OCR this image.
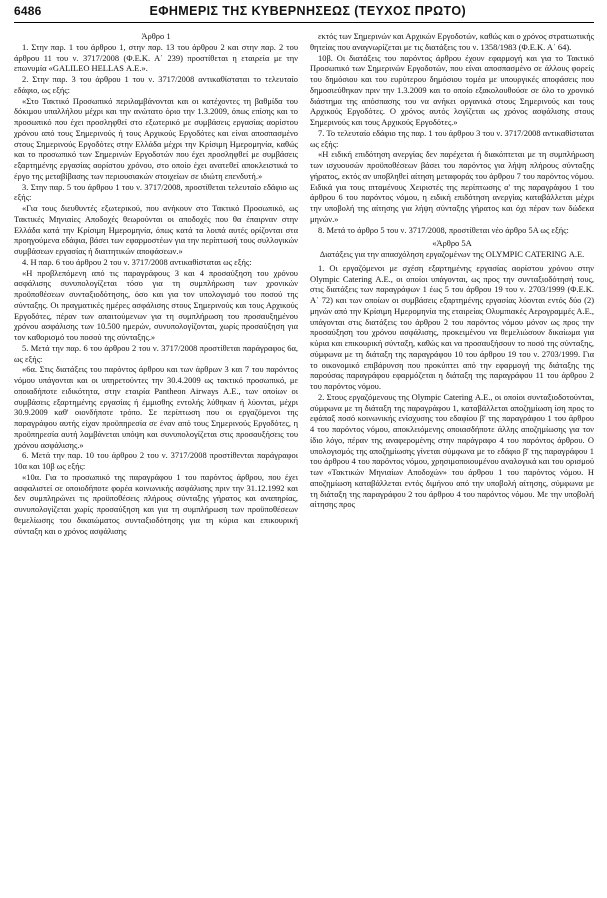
6486	ΕΦΗΜΕΡΙΣ ΤΗΣ ΚΥΒΕΡΝΗΣΕΩΣ (ΤΕΥΧΟΣ ΠΡΩΤΟ)

Άρθρο 1

1. Στην παρ. 1 του άρθρου 1, στην παρ. 13 του άρθρου 2 και στην παρ. 2 του άρθρου 11 του ν. 3717/2008 (Φ.Ε.Κ. Α΄ 239) προστίθεται η εταιρεία με την επωνυμία «GALILEO HELLAS Α.Ε.».

2. Στην παρ. 3 του άρθρου 1 του ν. 3717/2008 αντικαθίσταται το τελευταίο εδάφιο, ως εξής:

«Στο Τακτικό Προσωπικό περιλαμβάνονται και οι κατέχοντες τη βαθμίδα του δόκιμου υπαλλήλου μέχρι και την ανώτατο όριο την 1.3.2009, όπως επίσης και το προσωπικό που έχει προσληφθεί στο εξωτερικό με συμβάσεις εργασίας αορίστου χρόνου από τους Σημερινούς ή τους Αρχικούς Εργοδότες και είναι αποσπασμένο στους Σημερινούς Εργοδότες στην Ελλάδα μέχρι την Κρίσιμη Ημερομηνία, καθώς και το προσωπικό των Σημερινών Εργοδοτών που έχει προσληφθεί με συμβάσεις εξαρτημένης εργασίας αορίστου χρόνου, στο οποίο έχει ανατεθεί αποκλειστικά το έργο της μεταβίβασης των περιουσιακών στοιχείων σε ιδιώτη επενδυτή.»

3. Στην παρ. 5 του άρθρου 1 του ν. 3717/2008, προστίθεται τελευταίο εδάφιο ως εξής:

«Για τους διευθυντές εξωτερικού, που ανήκουν στο Τακτικό Προσωπικό, ως Τακτικές Μηνιαίες Αποδοχές θεωρούνται οι αποδοχές που θα έπαιρναν στην Ελλάδα κατά την Κρίσιμη Ημερομηνία, όπως κατά τα λοιπά αυτές ορίζονται στα προηγούμενα εδάφια, βάσει των εφαρμοστέων για την περίπτωσή τους συλλογικών συμβάσεων εργασίας ή διαιτητικών αποφάσεων.»

4. Η παρ. 6 του άρθρου 2 του ν. 3717/2008 αντικαθίσταται ως εξής:

«Η προβλεπόμενη από τις παραγράφους 3 και 4 προσαύξηση του χρόνου ασφάλισης συνυπολογίζεται τόσο για τη συμπλήρωση των χρονικών προϋποθέσεων συνταξιοδότησης, όσο και για τον υπολογισμό του ποσού της σύνταξης. Οι πραγματικές ημέρες ασφάλισης στους Σημερινούς και τους Αρχικούς Εργοδότες, πέραν των απαιτούμενων για τη συμπλήρωση του προσαυξημένου χρόνου ασφάλισης των 10.500 ημερών, συνυπολογίζονται, χωρίς προσαύξηση για τον καθορισμό του ποσού της σύνταξης.»

5. Μετά την παρ. 6 του άρθρου 2 του ν. 3717/2008 προστίθεται παράγραφος 6α, ως εξής:

«6α. Στις διατάξεις του παρόντος άρθρου και των άρθρων 3 και 7 του παρόντος νόμου υπάγονται και οι υπηρετούντες την 30.4.2009 ως τακτικό προσωπικό, με οποιαδήποτε ειδικότητα, στην εταιρία Pantheon Airways Α.Ε., των οποίων οι συμβάσεις εξαρτημένης εργασίας ή έμμισθης εντολής λύθηκαν ή λύονται, μέχρι 30.9.2009 καθ' οιονδήποτε τρόπο. Σε περίπτωση που οι εργαζόμενοι της παραγράφου αυτής είχαν προϋπηρεσία σε έναν από τους Σημερινούς Εργοδότες, η προϋπηρεσία αυτή λαμβάνεται υπόψη και συνυπολογίζεται στις προσαυξήσεις του χρόνου ασφάλισης.»

6. Μετά την παρ. 10 του άρθρου 2 του ν. 3717/2008 προστίθενται παράγραφοι 10α και 10β ως εξής:

«10α. Για το προσωπικό της παραγράφου 1 του παρόντος άρθρου, που έχει ασφαλιστεί σε οποιοδήποτε φορέα κοινωνικής ασφάλισης πριν την 31.12.1992 και δεν συμπληρώνει τις προϋποθέσεις πλήρους σύνταξης γήρατος και αναπηρίας, συνυπολογίζεται χωρίς προσαύξηση και για τη συμπλήρωση των προϋποθέσεων θεμελίωσης του δικαιώματος συνταξιοδότησης για τη κύρια και επικουρική σύνταξη και ο χρόνος ασφάλισης

εκτός των Σημερινών και Αρχικών Εργοδοτών, καθώς και ο χρόνος στρατιωτικής θητείας που αναγνωρίζεται με τις διατάξεις του ν. 1358/1983 (Φ.Ε.Κ. Α΄ 64).

10β. Οι διατάξεις του παρόντος άρθρου έχουν εφαρμογή και για το Τακτικό Προσωπικό των Σημερινών Εργοδοτών, που είναι αποσπασμένο σε άλλους φορείς του δημόσιου και του ευρύτερου δημόσιου τομέα με υπουργικές αποφάσεις που δημοσιεύθηκαν πριν την 1.3.2009 και το οποίο εξακολουθούσε σε όλο το χρονικό διάστημα της απόσπασης του να ανήκει οργανικά στους Σημερινούς και τους Αρχικούς Εργοδότες. Ο χρόνος αυτός λογίζεται ως χρόνος ασφάλισης στους Σημερινούς και τους Αρχικούς Εργοδότες.»

7. Το τελευταίο εδάφιο της παρ. 1 του άρθρου 3 του ν. 3717/2008 αντικαθίσταται ως εξής:

«Η ειδική επιδότηση ανεργίας δεν παρέχεται ή διακόπτεται με τη συμπλήρωση των ισχυουσών προϋποθέσεων βάσει του παρόντος για λήψη πλήρους σύνταξης γήρατος, εκτός αν υποβληθεί αίτηση μεταφοράς του άρθρου 7 του παρόντος νόμου. Ειδικά για τους ιπταμένους Χειριστές της περίπτωσης α' της παραγράφου 1 του άρθρου 6 του παρόντος νόμου, η ειδική επιδότηση ανεργίας καταβάλλεται μέχρι την υποβολή της αίτησης για λήψη σύνταξης γήρατος και όχι πέραν των δώδεκα μηνών.»

8. Μετά το άρθρο 5 του ν. 3717/2008, προστίθεται νέο άρθρο 5Α ως εξής:

«Άρθρο 5Α

Διατάξεις για την απασχόληση εργαζομένων της OLYMPIC CATERING Α.Ε.

1. Οι εργαζόμενοι με σχέση εξαρτημένης εργασίας αορίστου χρόνου στην Olympic Catering Α.Ε., οι οποίοι υπάγονται, ως προς την συνταξιοδότησή τους, στις διατάξεις των παραγράφων 1 έως 5 του άρθρου 19 του ν. 2703/1999 (Φ.Ε.Κ. Α΄ 72) και των οποίων οι συμβάσεις εξαρτημένης εργασίας λύονται εντός δύο (2) μηνών από την Κρίσιμη Ημερομηνία της εταιρείας Ολυμπιακές Αερογραμμές Α.Ε., υπάγονται στις διατάξεις του άρθρου 2 του παρόντος νόμου μόνον ως προς την προσαύξηση του χρόνου ασφάλισης, προκειμένου να θεμελιώσουν δικαίωμα για κύρια και επικουρική σύνταξη, καθώς και να προσαυξήσουν το ποσό της σύνταξης, σύμφωνα με τη διάταξη της παραγράφου 10 του άρθρου 19 του ν. 2703/1999. Για το οικονομικό επιβάρυνση που προκύπτει από την εφαρμογή της διάταξης της παρούσας παραγράφου εφαρμόζεται η διάταξη της παραγράφου 11 του άρθρου 2 του παρόντος νόμου.

2. Στους εργαζόμενους της Olympic Catering Α.Ε., οι οποίοι συνταξιοδοτούνται, σύμφωνα με τη διάταξη της παραγράφου 1, καταβάλλεται αποζημίωση ίση προς το εφάπαξ ποσό κοινωνικής ενίσχυσης του εδαφίου β' της παραγράφου 1 του άρθρου 4 του παρόντος νόμου, αποκλειόμενης οποιασδήποτε άλλης αποζημίωσης για τον ίδιο λόγο, πέραν της αναφερομένης στην παράγραφο 4 του παρόντος άρθρου. Ο υπολογισμός της αποζημίωσης γίνεται σύμφωνα με το εδάφιο β' της παραγράφου 1 του άρθρου 4 του παρόντος νόμου, χρησιμοποιουμένου αναλογικά και του ορισμού των «Τακτικών Μηνιαίων Αποδοχών» του άρθρου 1 του παρόντος νόμου. Η αποζημίωση καταβάλλεται εντός διμήνου από την υποβολή αίτησης, σύμφωνα με τη διάταξη της παραγράφου 2 του άρθρου 4 του παρόντος νόμου. Με την υποβολή αίτησης προς
